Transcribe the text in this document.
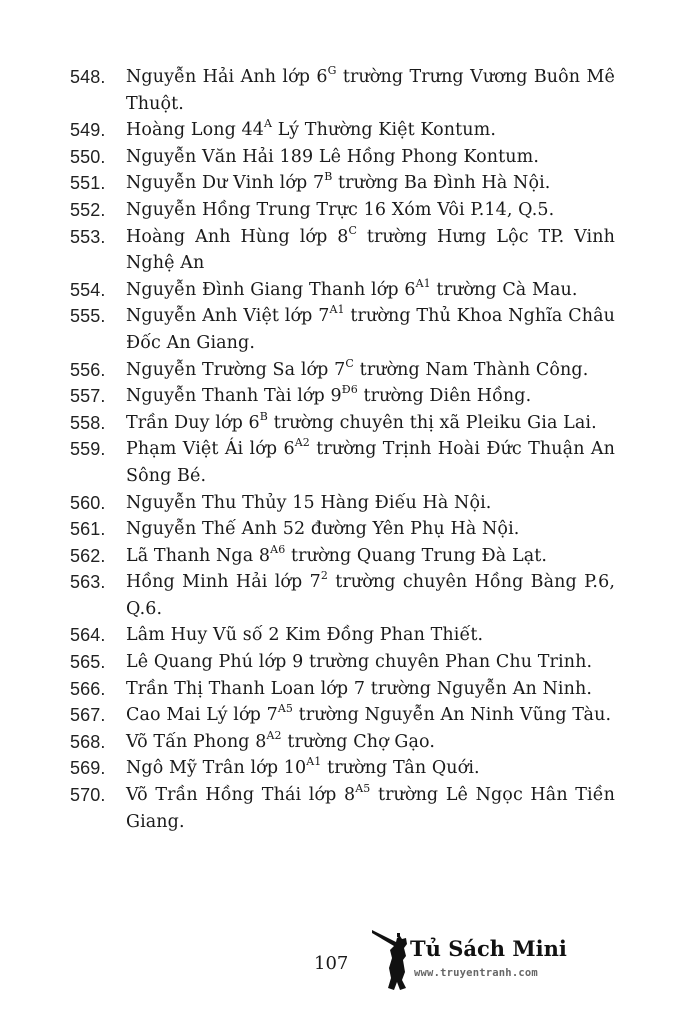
548.	Nguyễn Hải Anh lớp $6^G$ trường Trưng Vương Buôn Mê Thuột.
549.	Hoàng Long $44^A$ Lý Thường Kiệt Kontum.
550.	Nguyễn Văn Hải 189 Lê Hồng Phong Kontum.
551.	Nguyễn Dư Vinh lớp $7^B$ trường Ba Đình Hà Nội.
552.	Nguyễn Hồng Trung Trực 16 Xóm Vôi P.14, Q.5.
553.	Hoàng Anh Hùng lớp $8^C$ trường Hưng Lộc TP. Vinh Nghệ An
554.	Nguyễn Đình Giang Thanh lớp $6^{A1}$ trường Cà Mau.
555.	Nguyễn Anh Việt lớp $7^{A1}$ trường Thủ Khoa Nghĩa Châu Đốc An Giang.
556.	Nguyễn Trường Sa lớp $7^C$ trường Nam Thành Công.
557.	Nguyễn Thanh Tài lớp $9^{Đ6}$ trường Diên Hồng.
558.	Trần Duy lớp $6^B$ trường chuyên thị xã Pleiku Gia Lai.
559.	Phạm Việt Ái lớp $6^{A2}$ trường Trịnh Hoài Đức Thuận An Sông Bé.
560.	Nguyễn Thu Thủy 15 Hàng Điếu Hà Nội.
561.	Nguyễn Thế Anh 52 đường Yên Phụ Hà Nội.
562.	Lã Thanh Nga $8^{A6}$ trường Quang Trung Đà Lạt.
563.	Hồng Minh Hải lớp $7^2$ trường chuyên Hồng Bàng P.6, Q.6.
564.	Lâm Huy Vũ số 2 Kim Đồng Phan Thiết.
565.	Lê Quang Phú lớp 9 trường chuyên Phan Chu Trinh.
566.	Trần Thị Thanh Loan lớp 7 trường Nguyễn An Ninh.
567.	Cao Mai Lý lớp $7^{A5}$ trường Nguyễn An Ninh Vũng Tàu.
568.	Võ Tấn Phong $8^{A2}$ trường Chợ Gạo.
569.	Ngô Mỹ Trân lớp $10^{A1}$ trường Tân Quới.
570.	Võ Trần Hồng Thái lớp $8^{A5}$ trường Lê Ngọc Hân Tiền Giang.
107
Tủ Sách Mini
www.truyentranh.com
